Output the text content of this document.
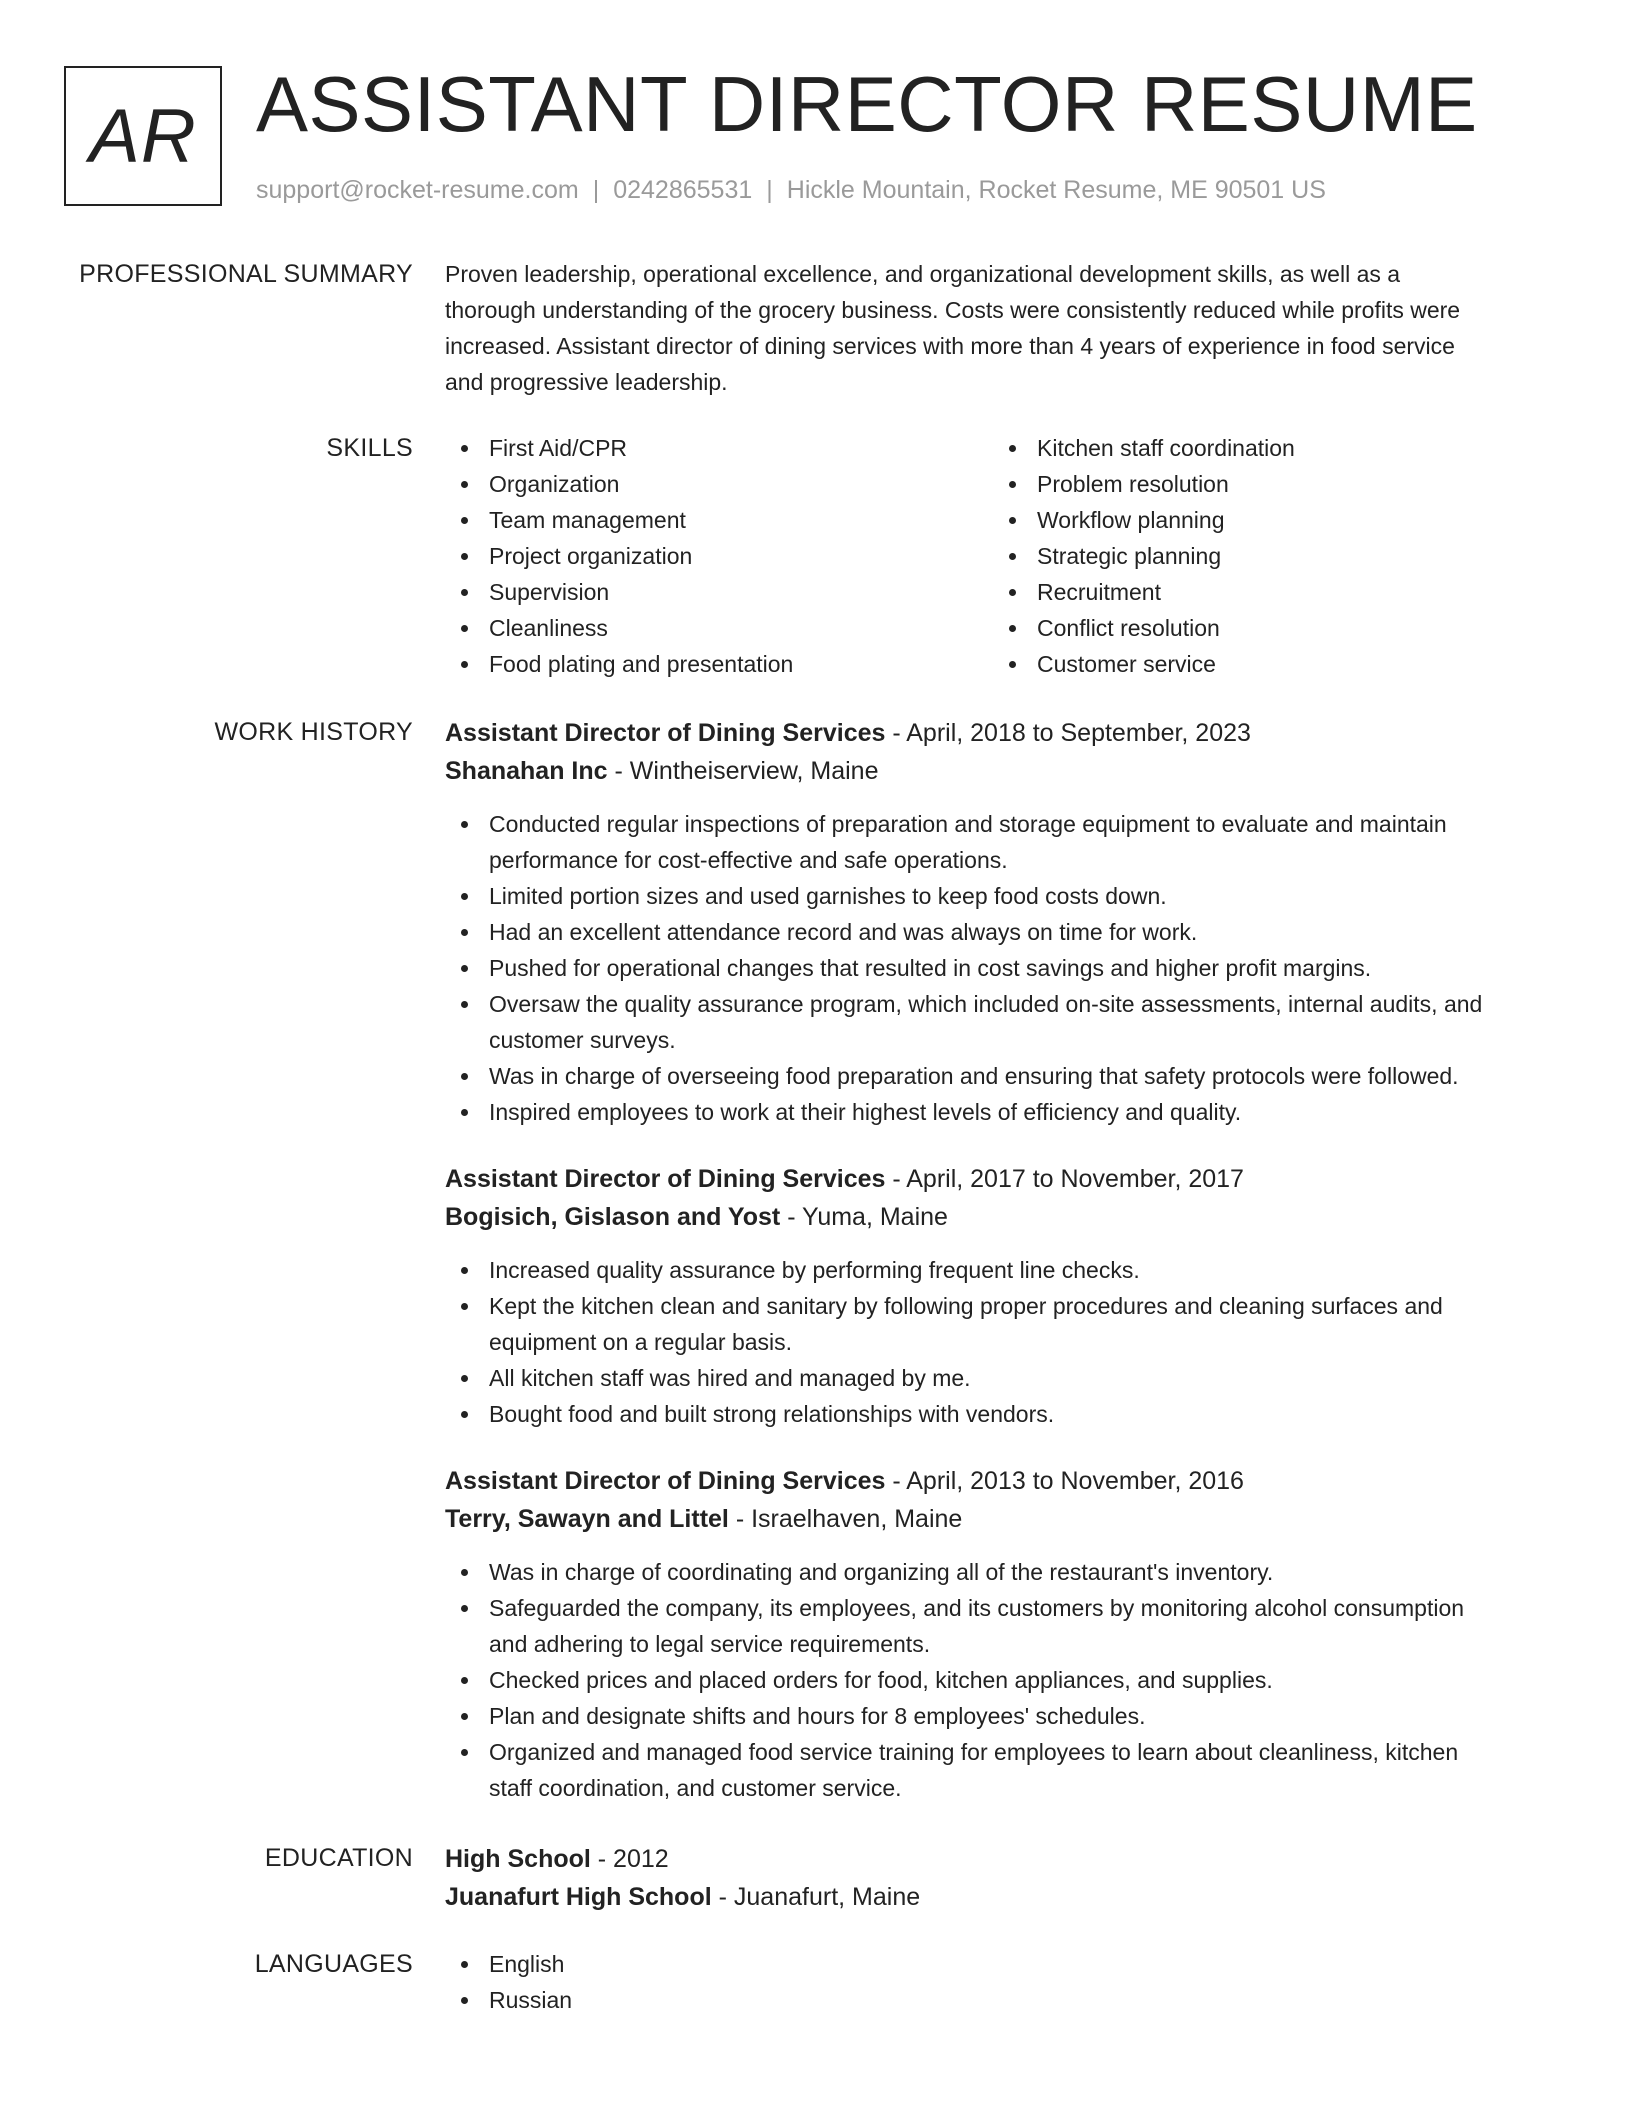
AR ASSISTANT DIRECTOR RESUME
support@rocket-resume.com | 0242865531 | Hickle Mountain, Rocket Resume, ME 90501 US
PROFESSIONAL SUMMARY Proven leadership, operational excellence, and organizational development skills, as well as a
thorough understanding of the grocery business. Costs were consistently reduced while profits were
increased. Assistant director of dining services with more than 4 years of experience in food service
and progressive leadership.
SKILLS	First Aid/CPR
Organization
Team management
Project organization
Supervision
Cleanliness
Food plating and presentation
Kitchen staff coordination
Problem resolution
Workflow planning
Strategic planning
Recruitment
Conflict resolution
Customer service
WORK HISTORY Assistant Director of Dining Services - April, 2018 to September, 2023
Shanahan Inc - Wintheiserview, Maine
Conducted regular inspections of preparation and storage equipment to evaluate and maintain
performance for cost-effective and safe operations.
Limited portion sizes and used garnishes to keep food costs down.
Had an excellent attendance record and was always on time for work.
Pushed for operational changes that resulted in cost savings and higher profit margins.
Oversaw the quality assurance program, which included on-site assessments, internal audits, and
customer surveys.
Was in charge of overseeing food preparation and ensuring that safety protocols were followed.
Inspired employees to work at their highest levels of efficiency and quality.
Assistant Director of Dining Services - April, 2017 to November, 2017
Bogisich, Gislason and Yost - Yuma, Maine
Increased quality assurance by performing frequent line checks.
Kept the kitchen clean and sanitary by following proper procedures and cleaning surfaces and
equipment on a regular basis.
All kitchen staff was hired and managed by me.
Bought food and built strong relationships with vendors.
Assistant Director of Dining Services - April, 2013 to November, 2016
Terry, Sawayn and Littel - Israelhaven, Maine
Was in charge of coordinating and organizing all of the restaurant's inventory.
Safeguarded the company, its employees, and its customers by monitoring alcohol consumption
and adhering to legal service requirements.
Checked prices and placed orders for food, kitchen appliances, and supplies.
Plan and designate shifts and hours for 8 employees' schedules.
Organized and managed food service training for employees to learn about cleanliness, kitchen
staff coordination, and customer service.
EDUCATION High School - 2012
Juanafurt High School - Juanafurt, Maine
LANGUAGES	English
Russian
